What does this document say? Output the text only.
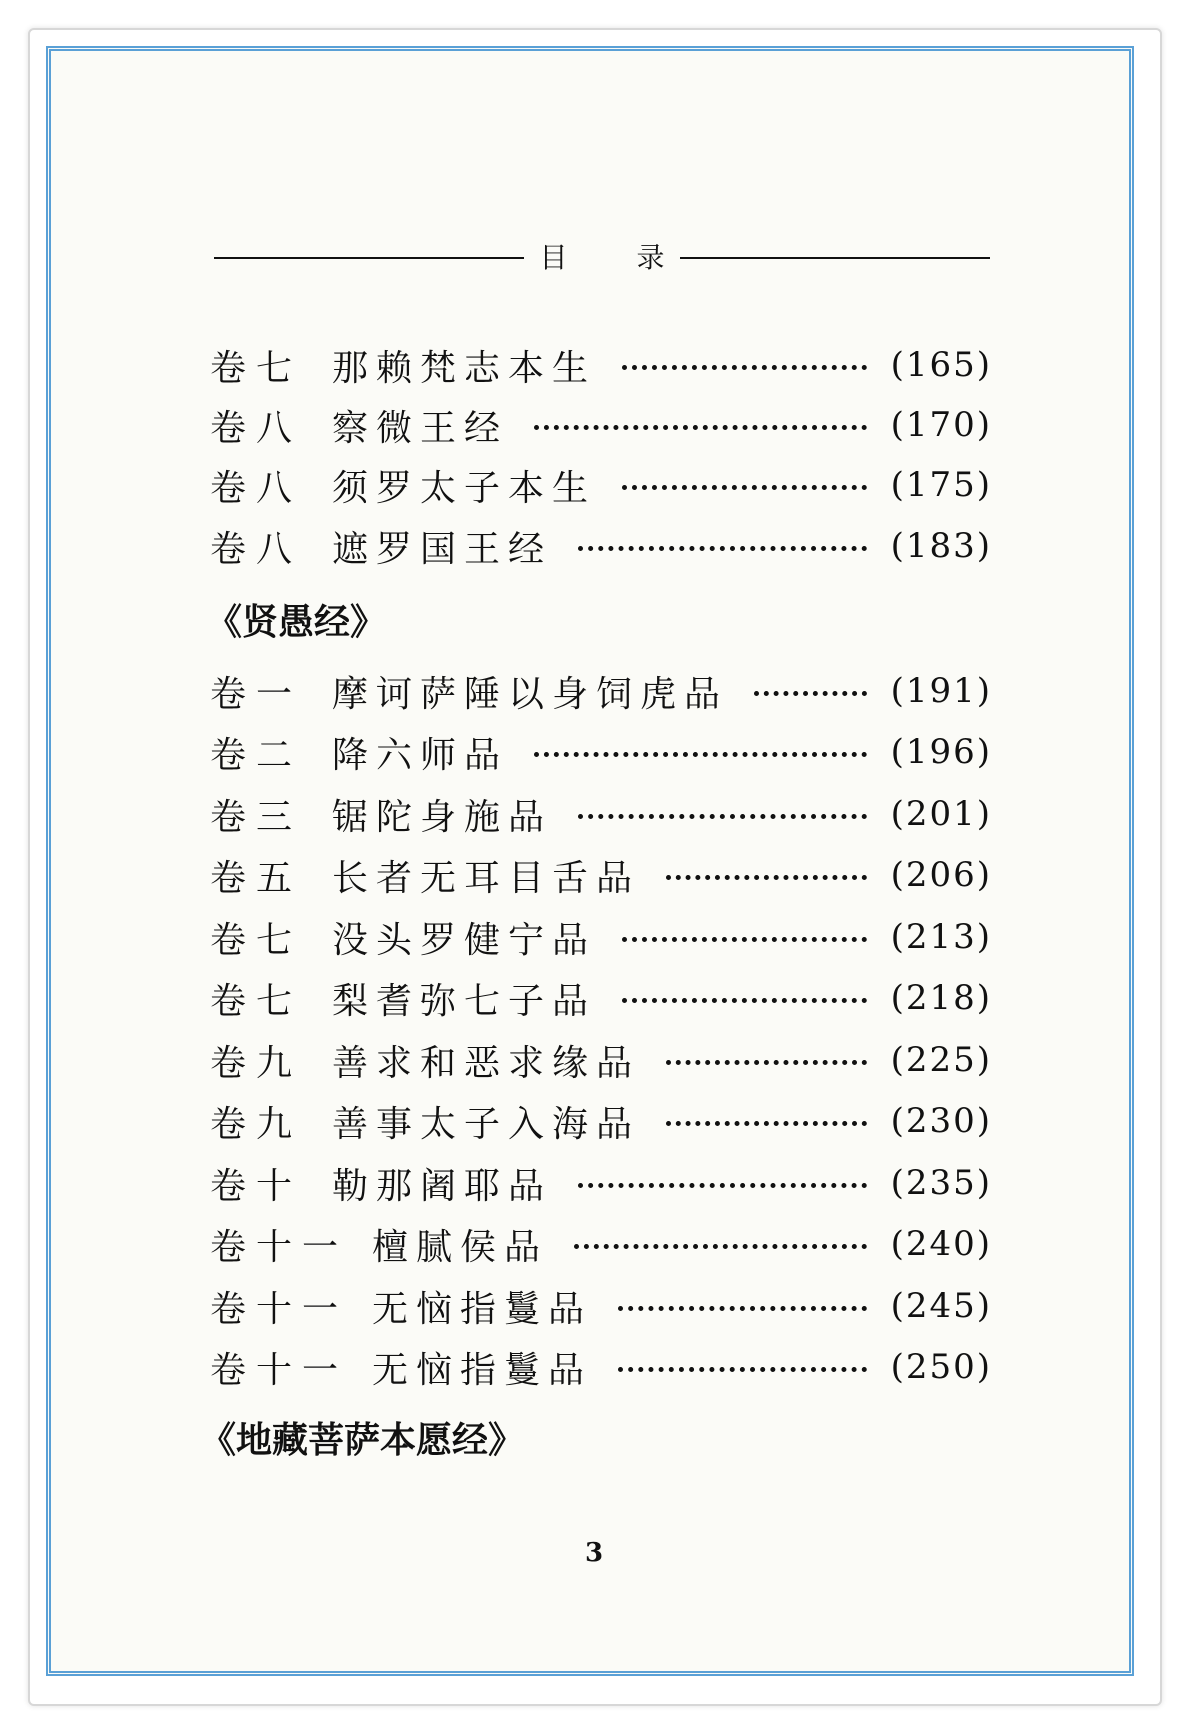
目 录
卷七 那赖梵志本生	(165)
卷八 察微王经	(170)
卷八 须罗太子本生	(175)
卷八 遮罗国王经	(183)
《贤愚经》
卷一 摩诃萨陲以身饲虎品	(191)
卷二 降六师品	(196)
卷三 锯陀身施品	(201)
卷五 长者无耳目舌品	(206)
卷七 没头罗健宁品	(213)
卷七 梨耆弥七子品	(218)
卷九 善求和恶求缘品	(225)
卷九 善事太子入海品	(230)
卷十 勒那阇耶品	(235)
卷十一 檀腻侯品	(240)
卷十一 无恼指鬘品	(245)
卷十一 无恼指鬘品	(250)
《地藏菩萨本愿经》
3
